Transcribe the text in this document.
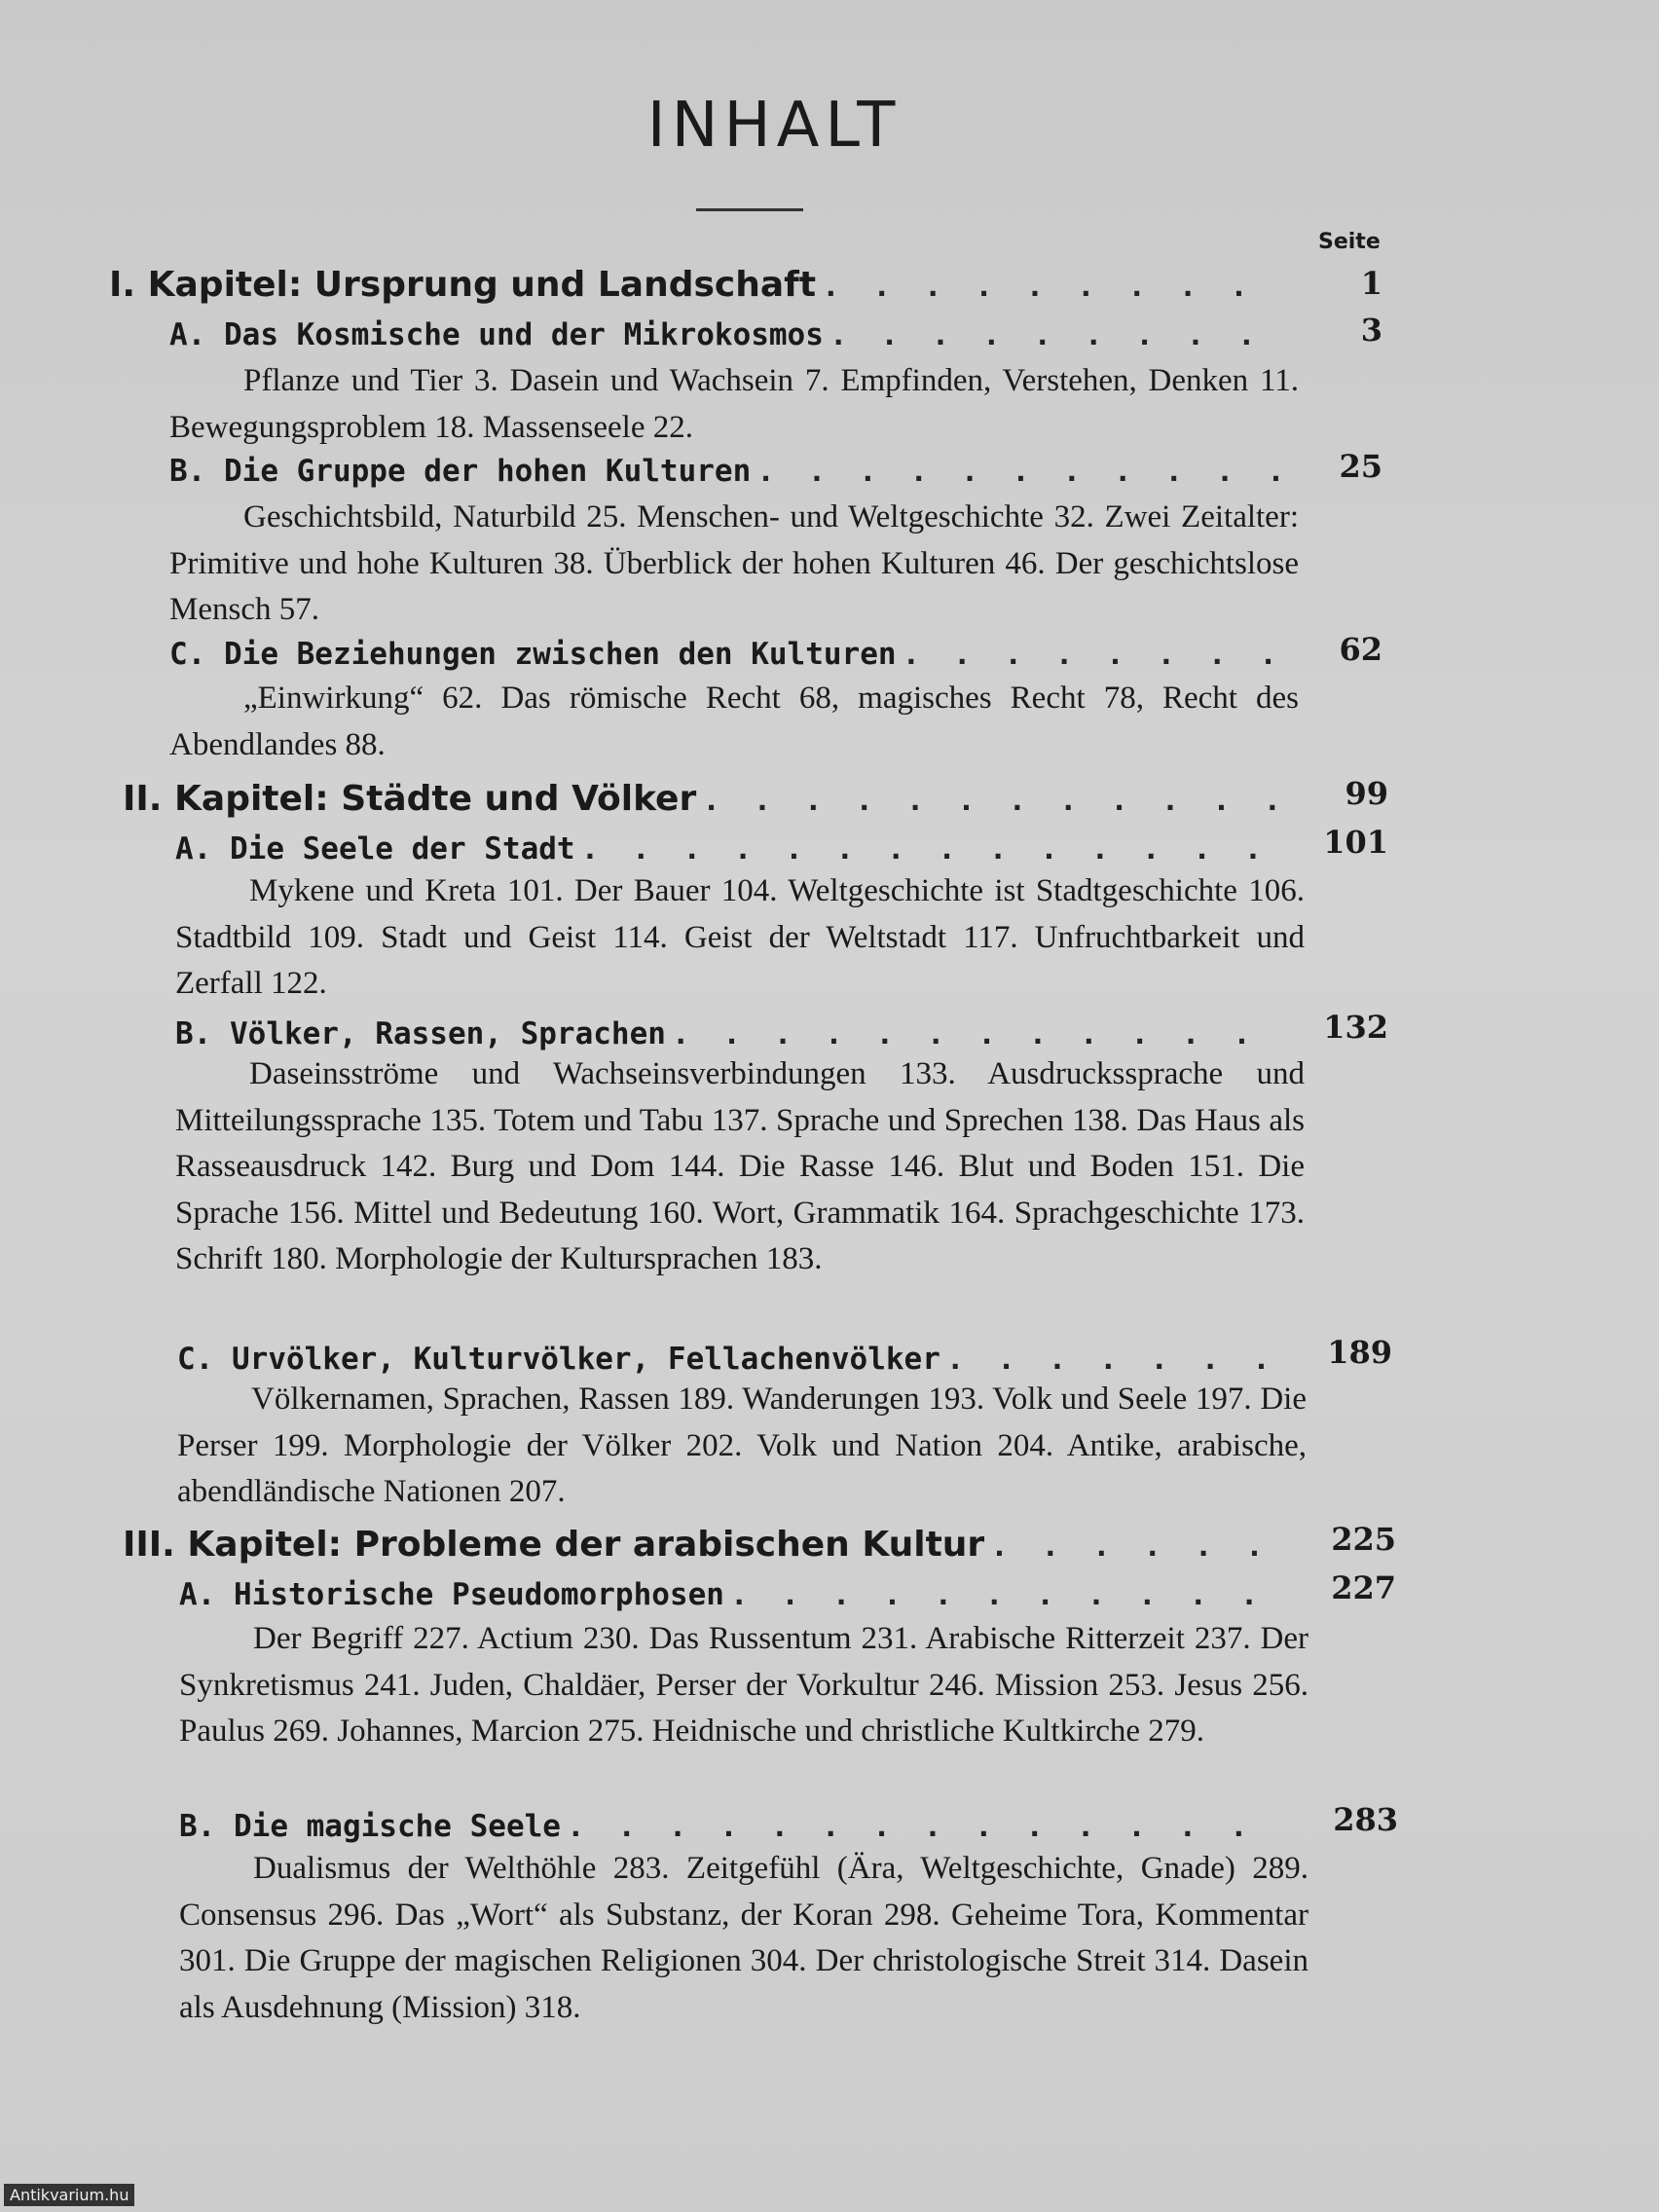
INHALT
Seite
I. Kapitel: Ursprung und Landschaft . . .	1
A. Das Kosmische und der Mikrokosmos . . .	3
Pflanze und Tier 3. Dasein und Wachsein 7. Empfinden, Verstehen, Denken 11. Bewegungsproblem 18. Massenseele 22.
B. Die Gruppe der hohen Kulturen . . .	25
Geschichtsbild, Naturbild 25. Menschen- und Weltgeschichte 32. Zwei Zeitalter: Primitive und hohe Kulturen 38. Überblick der hohen Kulturen 46. Der geschichtslose Mensch 57.
C. Die Beziehungen zwischen den Kulturen . . .	62
„Einwirkung“ 62. Das römische Recht 68, magisches Recht 78, Recht des Abendlandes 88.
II. Kapitel: Städte und Völker . . .	99
A. Die Seele der Stadt . . .	101
Mykene und Kreta 101. Der Bauer 104. Weltgeschichte ist Stadtgeschichte 106. Stadtbild 109. Stadt und Geist 114. Geist der Weltstadt 117. Unfruchtbarkeit und Zerfall 122.
B. Völker, Rassen, Sprachen . . .	132
Daseinsströme und Wachseinsverbindungen 133. Ausdruckssprache und Mitteilungssprache 135. Totem und Tabu 137. Sprache und Sprechen 138. Das Haus als Rasseausdruck 142. Burg und Dom 144. Die Rasse 146. Blut und Boden 151. Die Sprache 156. Mittel und Bedeutung 160. Wort, Grammatik 164. Sprachgeschichte 173. Schrift 180. Morphologie der Kultursprachen 183.
C. Urvölker, Kulturvölker, Fellachenvölker . . .	189
Völkernamen, Sprachen, Rassen 189. Wanderungen 193. Volk und Seele 197. Die Perser 199. Morphologie der Völker 202. Volk und Nation 204. Antike, arabische, abendländische Nationen 207.
III. Kapitel: Probleme der arabischen Kultur . . .	225
A. Historische Pseudomorphosen . . .	227
Der Begriff 227. Actium 230. Das Russentum 231. Arabische Ritterzeit 237. Der Synkretismus 241. Juden, Chaldäer, Perser der Vorkultur 246. Mission 253. Jesus 256. Paulus 269. Johannes, Marcion 275. Heidnische und christliche Kultkirche 279.
B. Die magische Seele . . .	283
Dualismus der Welthöhle 283. Zeitgefühl (Ära, Weltgeschichte, Gnade) 289. Consensus 296. Das „Wort“ als Substanz, der Koran 298. Geheime Tora, Kommentar 301. Die Gruppe der magischen Religionen 304. Der christologische Streit 314. Dasein als Ausdehnung (Mission) 318.
Antikvarium.hu
